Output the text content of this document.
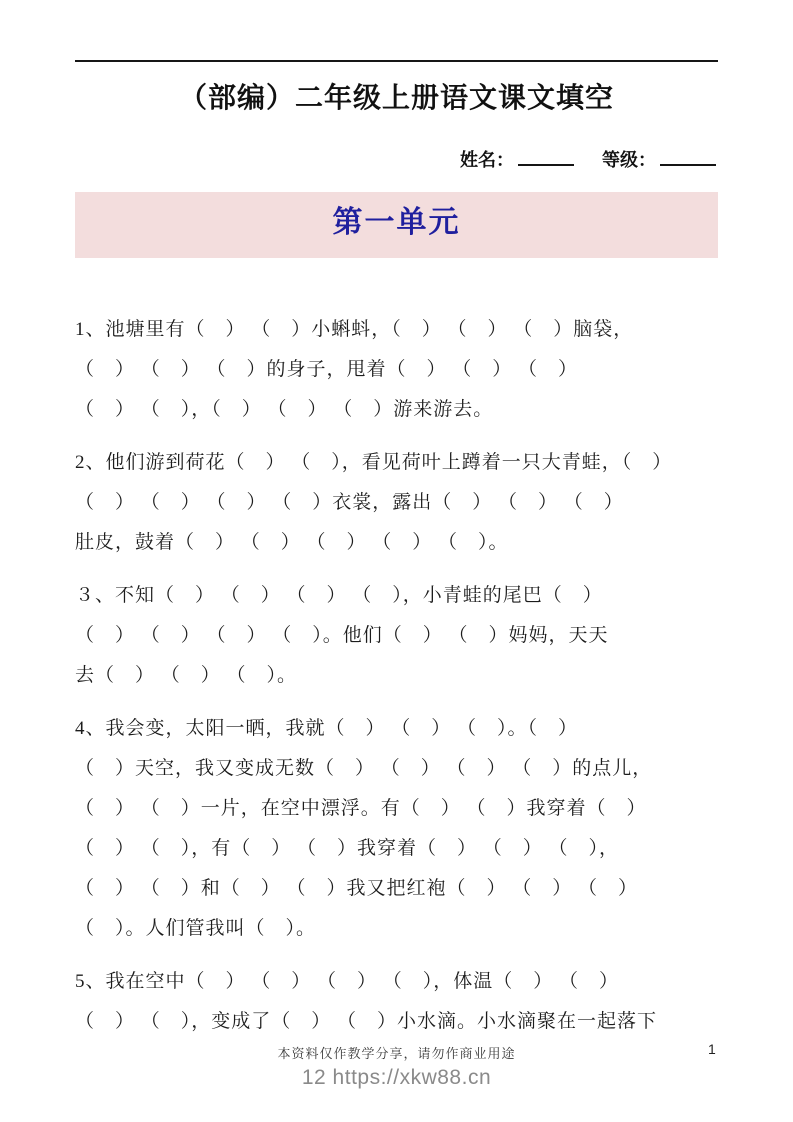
（部编）二年级上册语文课文填空
姓名：	等级：
第一单元
1、池塘里有（　） （　）小蝌蚪，（　） （　） （　）脑袋，
（　） （　） （　）的身子，甩着（　） （　） （　）
（　） （　），（　） （　） （　）游来游去。
2、他们游到荷花（　） （　），看见荷叶上蹲着一只大青蛙，（　）
（　） （　） （　） （　）衣裳，露出（　） （　） （　）
肚皮，鼓着（　） （　） （　） （　） （　）。
３、不知（　） （　） （　） （　），小青蛙的尾巴（　）
（　） （　） （　） （　）。他们（　） （　）妈妈，天天
去（　） （　） （　）。
4、我会变，太阳一晒，我就（　） （　） （　）。（　）
（　）天空，我又变成无数（　） （　） （　） （　）的点儿，
（　） （　）一片，在空中漂浮。有（　） （　）我穿着（　）
（　） （　），有（　） （　）我穿着（　） （　） （　），
（　） （　）和（　） （　）我又把红袍（　） （　） （　）
（　）。人们管我叫（　）。
5、我在空中（　） （　） （　） （　），体温（　） （　）
（　） （　），变成了（　） （　）小水滴。小水滴聚在一起落下
本资料仅作教学分享，请勿作商业用途	1
12 https://xkw88.cn
